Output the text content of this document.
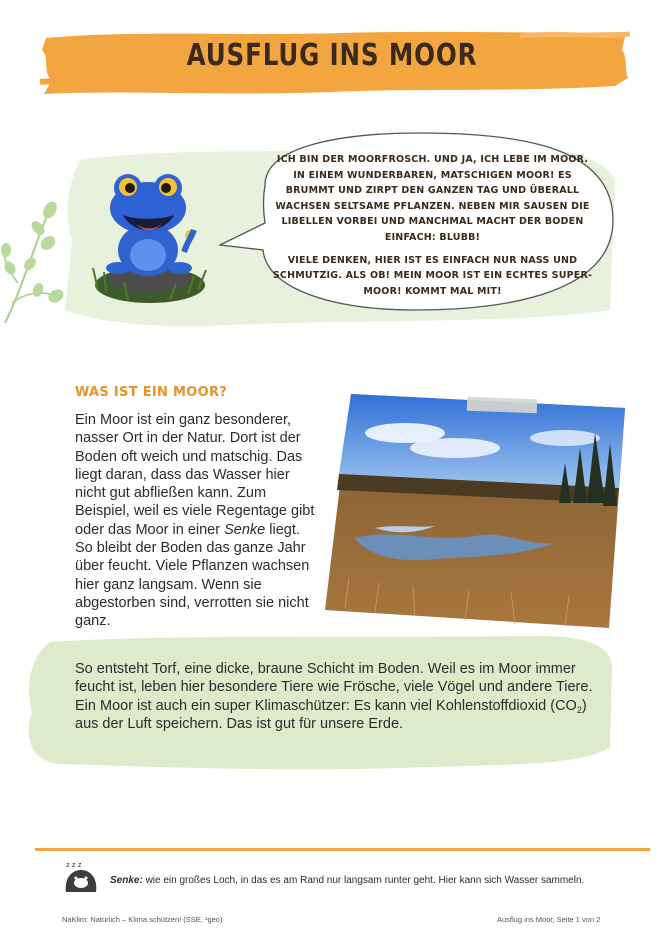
AUSFLUG INS MOOR

ICH BIN DER MOORFROSCH. UND JA, ICH LEBE IM MOOR. IN EINEM WUNDERBAREN, MATSCHIGEN MOOR! ES BRUMMT UND ZIRPT DEN GANZEN TAG UND ÜBERALL WACHSEN SELTSAME PFLANZEN. NEBEN MIR SAUSEN DIE LIBELLEN VORBEI UND MANCHMAL MACHT DER BODEN EINFACH: BLUBB!

VIELE DENKEN, HIER IST ES EINFACH NUR NASS UND SCHMUTZIG. ALS OB! MEIN MOOR IST EIN ECHTES SUPER-MOOR! KOMMT MAL MIT!

WAS IST EIN MOOR?
Ein Moor ist ein ganz besonderer, nasser Ort in der Natur. Dort ist der Boden oft weich und matschig. Das liegt daran, dass das Wasser hier nicht gut abfließen kann. Zum Beispiel, weil es viele Regentage gibt oder das Moor in einer Senke liegt. So bleibt der Boden das ganze Jahr über feucht. Viele Pflanzen wachsen hier ganz langsam. Wenn sie abgestorben sind, verrotten sie nicht ganz.
So entsteht Torf, eine dicke, braune Schicht im Boden. Weil es im Moor immer feucht ist, leben hier besondere Tiere wie Frösche, viele Vögel und andere Tiere. Ein Moor ist auch ein super Klimaschützer: Es kann viel Kohlenstoffdioxid $(CO_2)$ aus der Luft speichern. Das ist gut für unsere Erde.
z z z
Senke: wie ein großes Loch, in das es am Rand nur langsam runter geht. Hier kann sich Wasser sammeln.
NaKlim: Natürlich – Klima schützen! (SSE, ¹geo)	Ausflug ins Moor, Seite 1 von 2
